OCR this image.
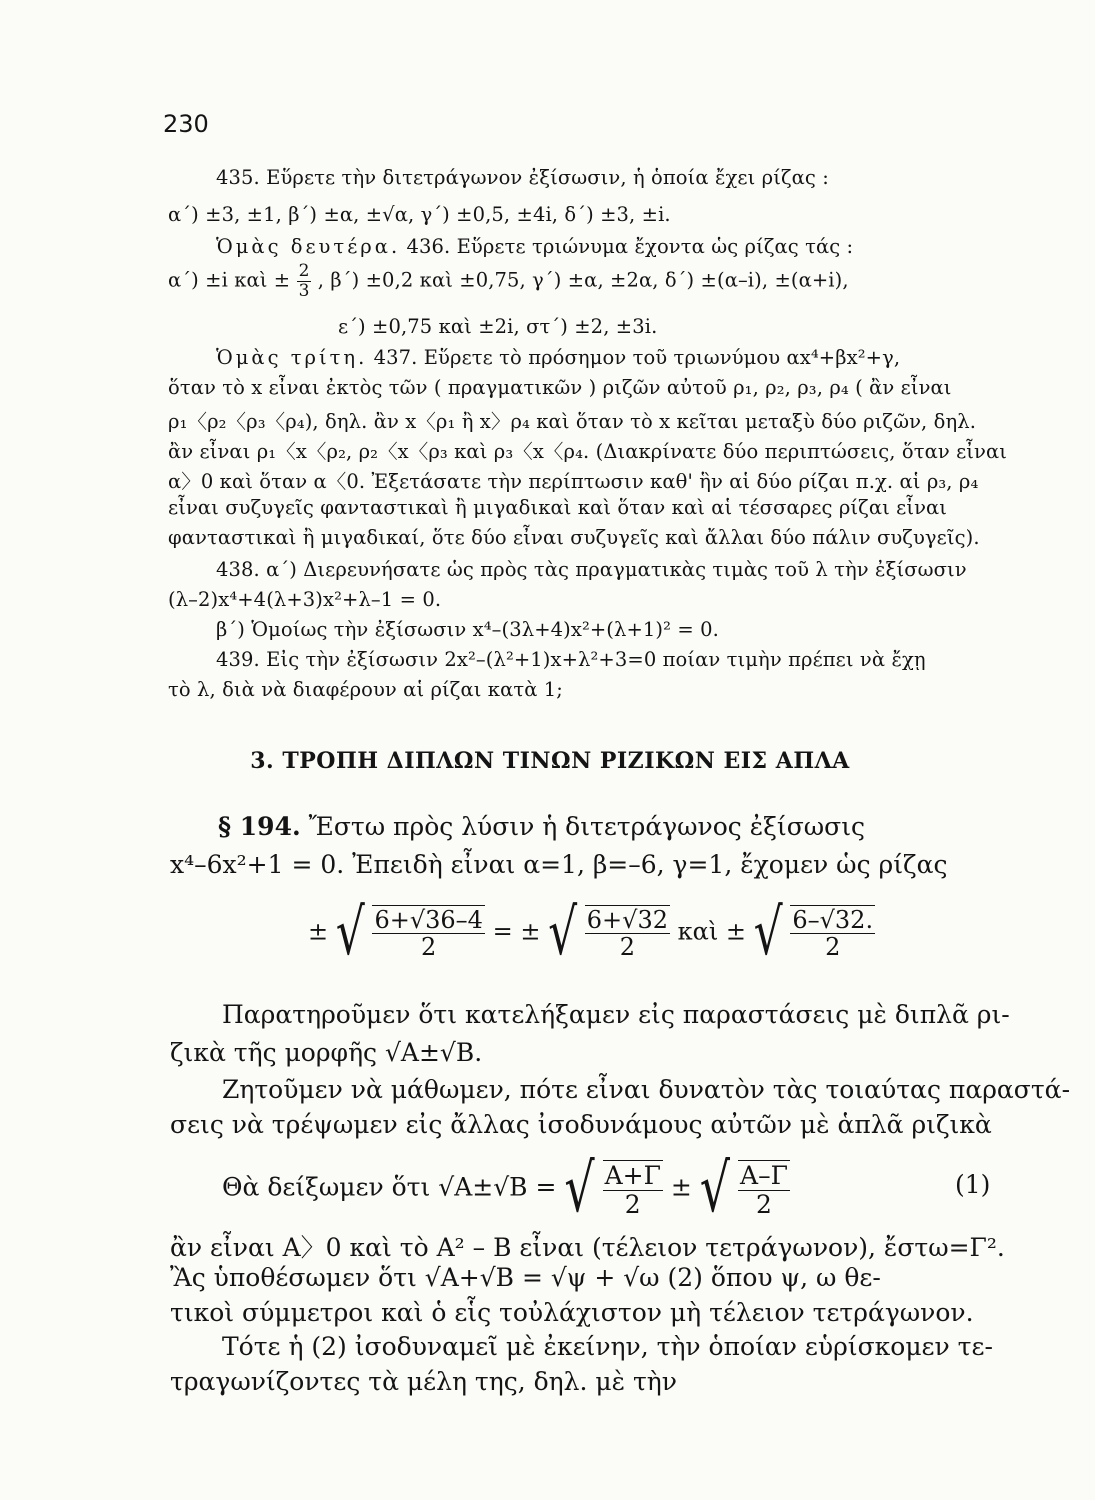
230
435. Εὕρετε τὴν διτετράγωνον ἐξίσωσιν, ἡ ὁποία ἔχει ρίζας :
α΄) ±3, ±1, β΄) ±α, ±√α, γ΄) ±0,5, ±4i, δ΄) ±3, ±i.
Ὁμὰς δευτέρα. 436. Εὕρετε τριώνυμα ἔχοντα ὡς ρίζας τάς :
α΄) ±i καὶ ± $\frac{2}{3}$ , β΄) ±0,2 καὶ ±0,75, γ΄) ±α, ±2α, δ΄) ±(α–i), ±(α+i),
ε΄) ±0,75 καὶ ±2i, στ΄) ±2, ±3i.
Ὁμὰς τρίτη. 437. Εὕρετε τὸ πρόσημον τοῦ τριωνύμου αx⁴+βx²+γ,
ὅταν τὸ x εἶναι ἐκτὸς τῶν ( πραγματικῶν ) ριζῶν αὐτοῦ ρ₁, ρ₂, ρ₃, ρ₄ ( ἂν εἶναι
ρ₁〈ρ₂〈ρ₃〈ρ₄), δηλ. ἂν x〈ρ₁ ἢ x〉ρ₄ καὶ ὅταν τὸ x κεῖται μεταξὺ δύο ριζῶν, δηλ.
ἂν εἶναι ρ₁〈x〈ρ₂, ρ₂〈x〈ρ₃ καὶ ρ₃〈x〈ρ₄. (Διακρίνατε δύο περιπτώσεις, ὅταν εἶναι
α〉0 καὶ ὅταν α〈0. Ἐξετάσατε τὴν περίπτωσιν καθ' ἣν αἱ δύο ρίζαι π.χ. αἱ ρ₃, ρ₄
εἶναι συζυγεῖς φανταστικαὶ ἢ μιγαδικαὶ καὶ ὅταν καὶ αἱ τέσσαρες ρίζαι εἶναι
φανταστικαὶ ἢ μιγαδικαί, ὅτε δύο εἶναι συζυγεῖς καὶ ἄλλαι δύο πάλιν συζυγεῖς).
438. α΄) Διερευνήσατε ὡς πρὸς τὰς πραγματικὰς τιμὰς τοῦ λ τὴν ἐξίσωσιν
(λ–2)x⁴+4(λ+3)x²+λ–1 = 0.
β΄) Ὁμοίως τὴν ἐξίσωσιν x⁴–(3λ+4)x²+(λ+1)² = 0.
439. Εἰς τὴν ἐξίσωσιν 2x²–(λ²+1)x+λ²+3=0 ποίαν τιμὴν πρέπει νὰ ἔχῃ
τὸ λ, διὰ νὰ διαφέρουν αἱ ρίζαι κατὰ 1;
3. ΤΡΟΠΗ ΔΙΠΛΩΝ ΤΙΝΩΝ ΡΙΖΙΚΩΝ ΕΙΣ ΑΠΛΑ
§ 194. Ἔστω πρὸς λύσιν ἡ διτετράγωνος ἐξίσωσις
x⁴–6x²+1 = 0. Ἐπειδὴ εἶναι α=1, β=–6, γ=1, ἔχομεν ὡς ρίζας
± √ $\frac{6+√36-4}{2}$ = ± √ $\frac{6+√32}{2}$ καὶ ± √ $\frac{6-√32.}{2}$
Παρατηροῦμεν ὅτι κατελήξαμεν εἰς παραστάσεις μὲ διπλᾶ ρι-
ζικὰ τῆς μορφῆς √A±√B.
Ζητοῦμεν νὰ μάθωμεν, πότε εἶναι δυνατὸν τὰς τοιαύτας παραστά-
σεις νὰ τρέψωμεν εἰς ἄλλας ἰσοδυνάμους αὐτῶν μὲ ἁπλᾶ ριζικὰ
Θὰ δείξωμεν ὅτι √A±√B = √ $\frac{A+\Gamma}{2}$ ± √ $\frac{A-\Gamma}{2}$	(1)
ἂν εἶναι A〉0 καὶ τὸ A² – B εἶναι (τέλειον τετράγωνον), ἔστω=Γ².
Ἂς ὑποθέσωμεν ὅτι √A+√B = √ψ + √ω (2) ὅπου ψ, ω θε-
τικοὶ σύμμετροι καὶ ὁ εἷς τοὐλάχιστον μὴ τέλειον τετράγωνον.
Τότε ἡ (2) ἰσοδυναμεῖ μὲ ἐκείνην, τὴν ὁποίαν εὑρίσκομεν τε-
τραγωνίζοντες τὰ μέλη της, δηλ. μὲ τὴν
